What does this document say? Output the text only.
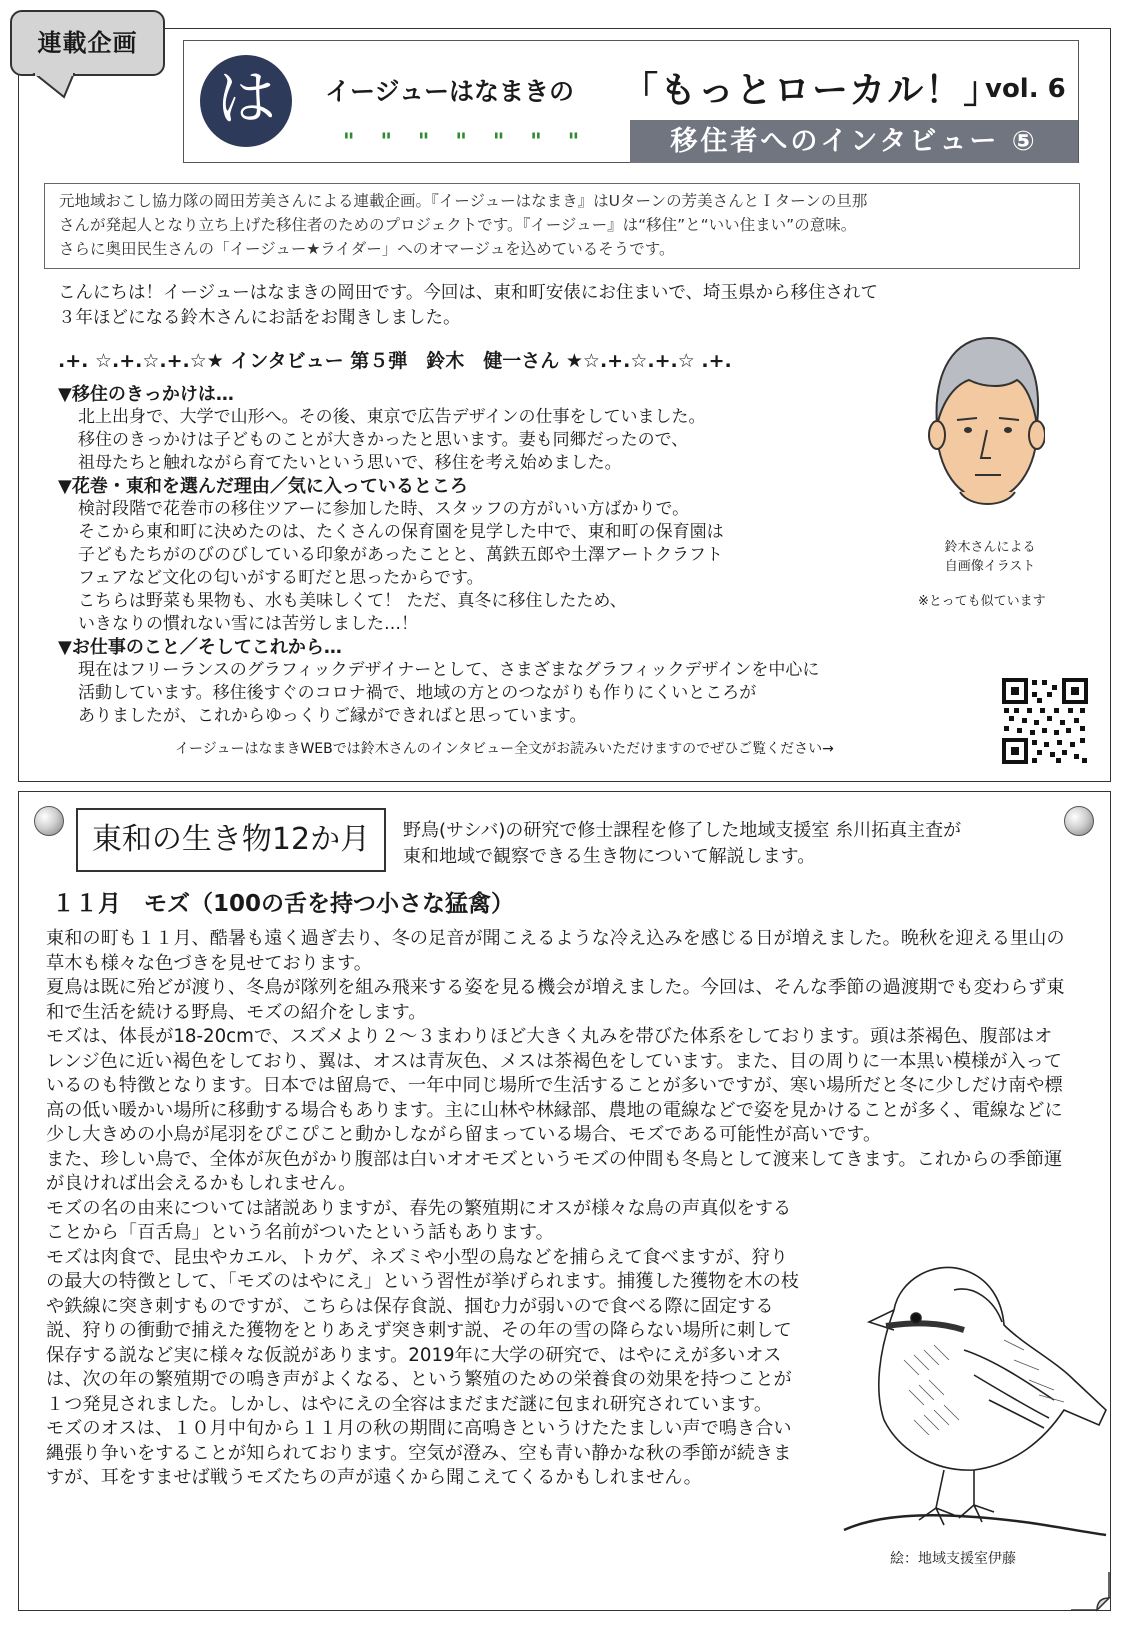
連載企画
は	イージューはなまきの 「もっとローカル！」
vol. 6
"""""""	移住者へのインタビュー ⑤
元地域おこし協力隊の岡田芳美さんによる連載企画。『イージューはなまき』はUターンの芳美さんとＩターンの旦那
さんが発起人となり立ち上げた移住者のためのプロジェクトです。『イージュー』は“移住”と“いい住まい”の意味。
さらに奥田民生さんの「イージュー★ライダー」へのオマージュを込めているそうです。
こんにちは！イージューはなまきの岡田です。今回は、東和町安俵にお住まいで、埼玉県から移住されて
３年ほどになる鈴木さんにお話をお聞きしました。
.+. ☆.+.☆.+.☆★ インタビュー 第５弾　鈴木　健一さん ★☆.+.☆.+.☆ .+.
▼移住のきっかけは…
北上出身で、大学で山形へ。その後、東京で広告デザインの仕事をしていました。
移住のきっかけは子どものことが大きかったと思います。妻も同郷だったので、
祖母たちと触れながら育てたいという思いで、移住を考え始めました。
▼花巻・東和を選んだ理由／気に入っているところ
検討段階で花巻市の移住ツアーに参加した時、スタッフの方がいい方ばかりで。
そこから東和町に決めたのは、たくさんの保育園を見学した中で、東和町の保育園は
子どもたちがのびのびしている印象があったことと、萬鉄五郎や土澤アートクラフト
フェアなど文化の匂いがする町だと思ったからです。
こちらは野菜も果物も、水も美味しくて！ ただ、真冬に移住したため、
いきなりの慣れない雪には苦労しました…！
▼お仕事のこと／そしてこれから…
現在はフリーランスのグラフィックデザイナーとして、さまざまなグラフィックデザインを中心に
活動しています。移住後すぐのコロナ禍で、地域の方とのつながりも作りにくいところが
ありましたが、これからゆっくりご縁ができればと思っています。
鈴木さんによる
自画像イラスト
※とっても似ています
イージューはなまきWEBでは鈴木さんのインタビュー全文がお読みいただけますのでぜひご覧ください→
東和の生き物12か月	野鳥(サシバ)の研究で修士課程を修了した地域支援室 糸川拓真主査が
東和地域で観察できる生き物について解説します。
１１月　モズ（100の舌を持つ小さな猛禽）

東和の町も１１月、酷暑も遠く過ぎ去り、冬の足音が聞こえるような冷え込みを感じる日が増えました。晩秋を迎える里山の草木も様々な色づきを見せております。

夏鳥は既に殆どが渡り、冬鳥が隊列を組み飛来する姿を見る機会が増えました。今回は、そんな季節の過渡期でも変わらず東和で生活を続ける野鳥、モズの紹介をします。

モズは、体長が18-20cmで、スズメより２～３まわりほど大きく丸みを帯びた体系をしております。頭は茶褐色、腹部はオレンジ色に近い褐色をしており、翼は、オスは青灰色、メスは茶褐色をしています。また、目の周りに一本黒い模様が入っているのも特徴となります。日本では留鳥で、一年中同じ場所で生活することが多いですが、寒い場所だと冬に少しだけ南や標高の低い暖かい場所に移動する場合もあります。主に山林や林縁部、農地の電線などで姿を見かけることが多く、電線などに少し大きめの小鳥が尾羽をぴこぴこと動かしながら留まっている場合、モズである可能性が高いです。

また、珍しい鳥で、全体が灰色がかり腹部は白いオオモズというモズの仲間も冬鳥として渡来してきます。これからの季節運が良ければ出会えるかもしれません。

モズの名の由来については諸説ありますが、春先の繁殖期にオスが様々な鳥の声真似をすることから「百舌鳥」という名前がついたという話もあります。

モズは肉食で、昆虫やカエル、トカゲ、ネズミや小型の鳥などを捕らえて食べますが、狩りの最大の特徴として、「モズのはやにえ」という習性が挙げられます。捕獲した獲物を木の枝や鉄線に突き刺すものですが、こちらは保存食説、掴む力が弱いので食べる際に固定する説、狩りの衝動で捕えた獲物をとりあえず突き刺す説、その年の雪の降らない場所に刺して保存する説など実に様々な仮説があります。2019年に大学の研究で、はやにえが多いオスは、次の年の繁殖期での鳴き声がよくなる、という繁殖のための栄養食の効果を持つことが１つ発見されました。しかし、はやにえの全容はまだまだ謎に包まれ研究されています。

モズのオスは、１０月中旬から１１月の秋の期間に高鳴きというけたたましい声で鳴き合い縄張り争いをすることが知られております。空気が澄み、空も青い静かな秋の季節が続きますが、耳をすませば戦うモズたちの声が遠くから聞こえてくるかもしれません。

絵：地域支援室伊藤
